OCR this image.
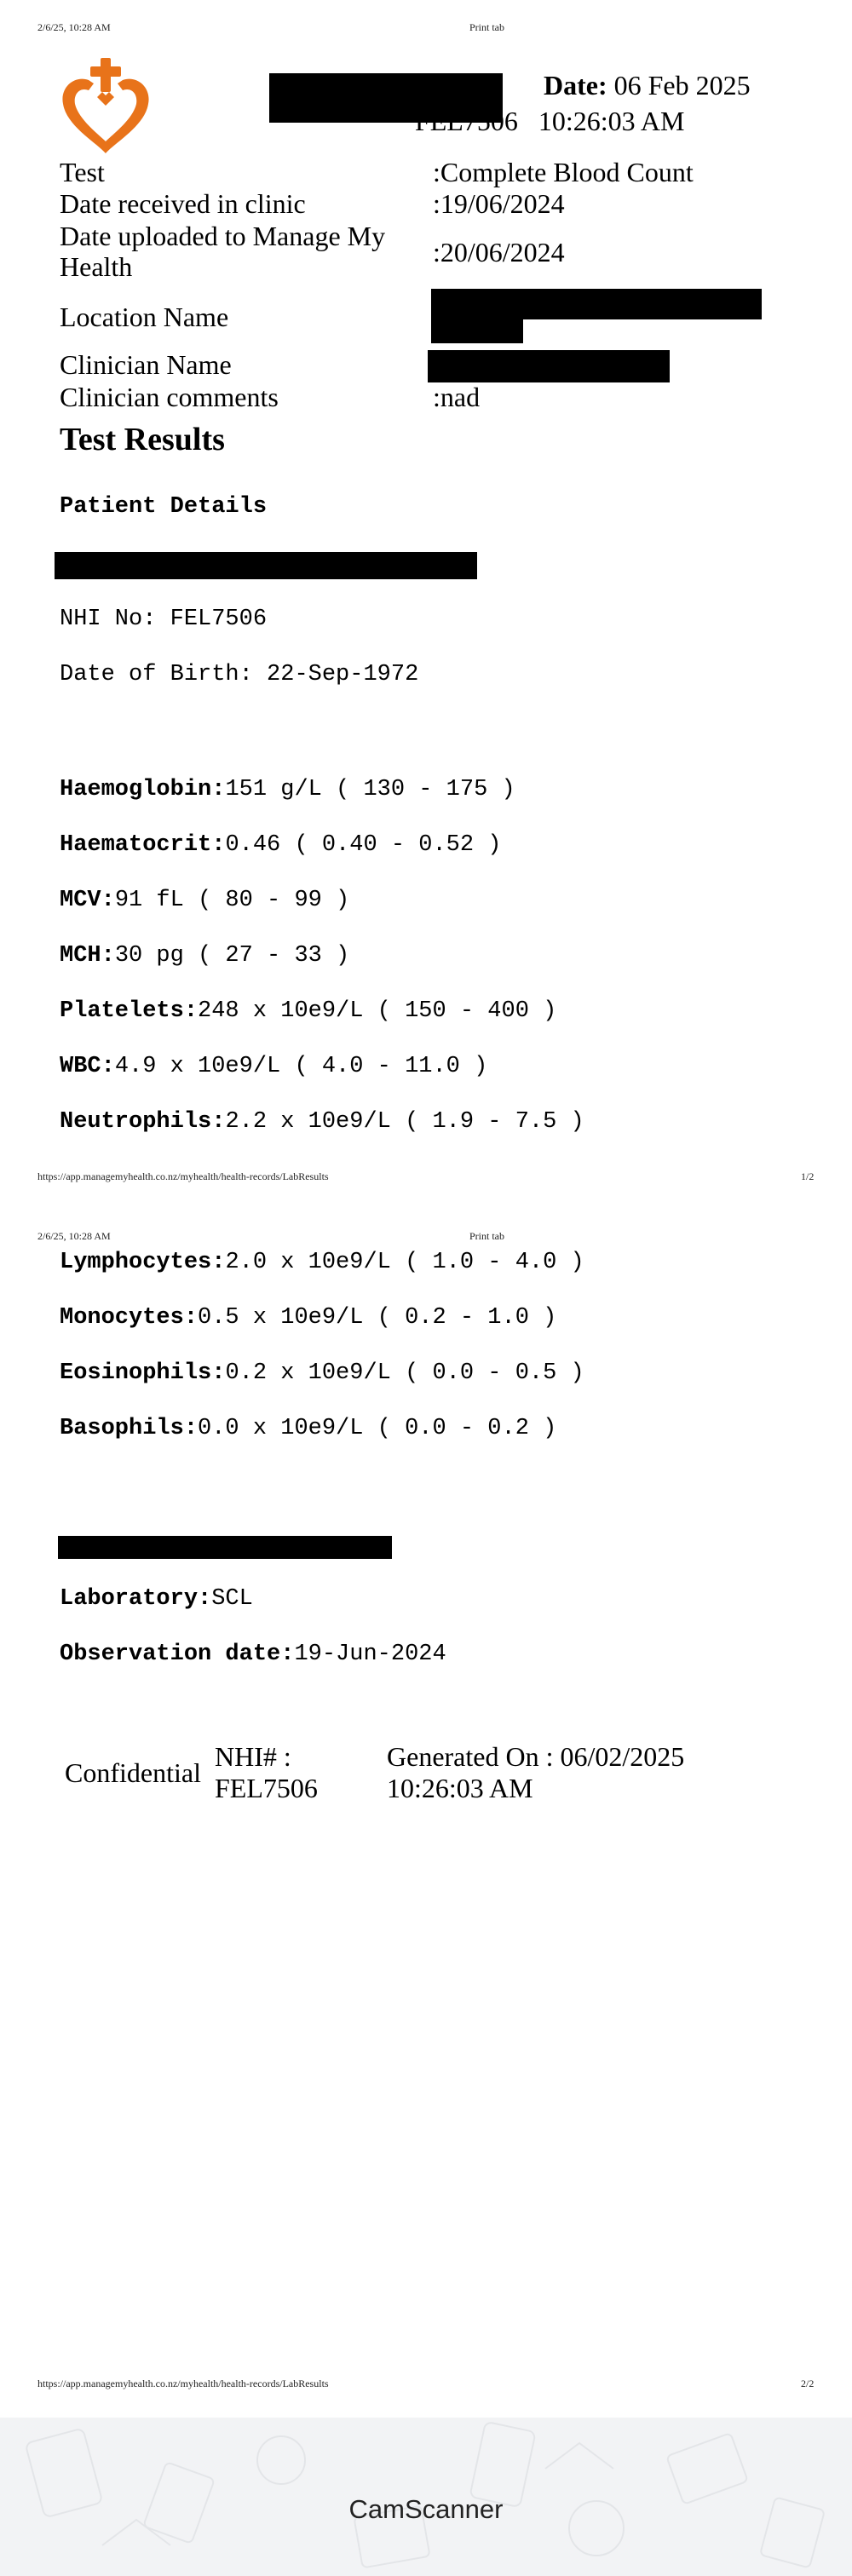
2/6/25, 10:28 AM	Print tab
Date: 06 Feb 2025
FEL7506   10:26:03 AM
Test	:Complete Blood Count
Date received in clinic	:19/06/2024
Date uploaded to Manage My Health	:20/06/2024
Location Name
Clinician Name
Clinician comments	:nad
Test Results
Patient Details
NHI No: FEL7506
Date of Birth: 22-Sep-1972
Haemoglobin:151 g/L ( 130 - 175 )
Haematocrit:0.46 ( 0.40 - 0.52 )
MCV:91 fL ( 80 - 99 )
MCH:30 pg ( 27 - 33 )
Platelets:248 x 10e9/L ( 150 - 400 )
WBC:4.9 x 10e9/L ( 4.0 - 11.0 )
Neutrophils:2.2 x 10e9/L ( 1.9 - 7.5 )
https://app.managemyhealth.co.nz/myhealth/health-records/LabResults	1/2
2/6/25, 10:28 AM	Print tab
Lymphocytes:2.0 x 10e9/L ( 1.0 - 4.0 )
Monocytes:0.5 x 10e9/L ( 0.2 - 1.0 )
Eosinophils:0.2 x 10e9/L ( 0.0 - 0.5 )
Basophils:0.0 x 10e9/L ( 0.0 - 0.2 )
Laboratory:SCL
Observation date:19-Jun-2024
Confidential
NHI# :
FEL7506
Generated On : 06/02/2025
10:26:03 AM
https://app.managemyhealth.co.nz/myhealth/health-records/LabResults	2/2
CamScanner
